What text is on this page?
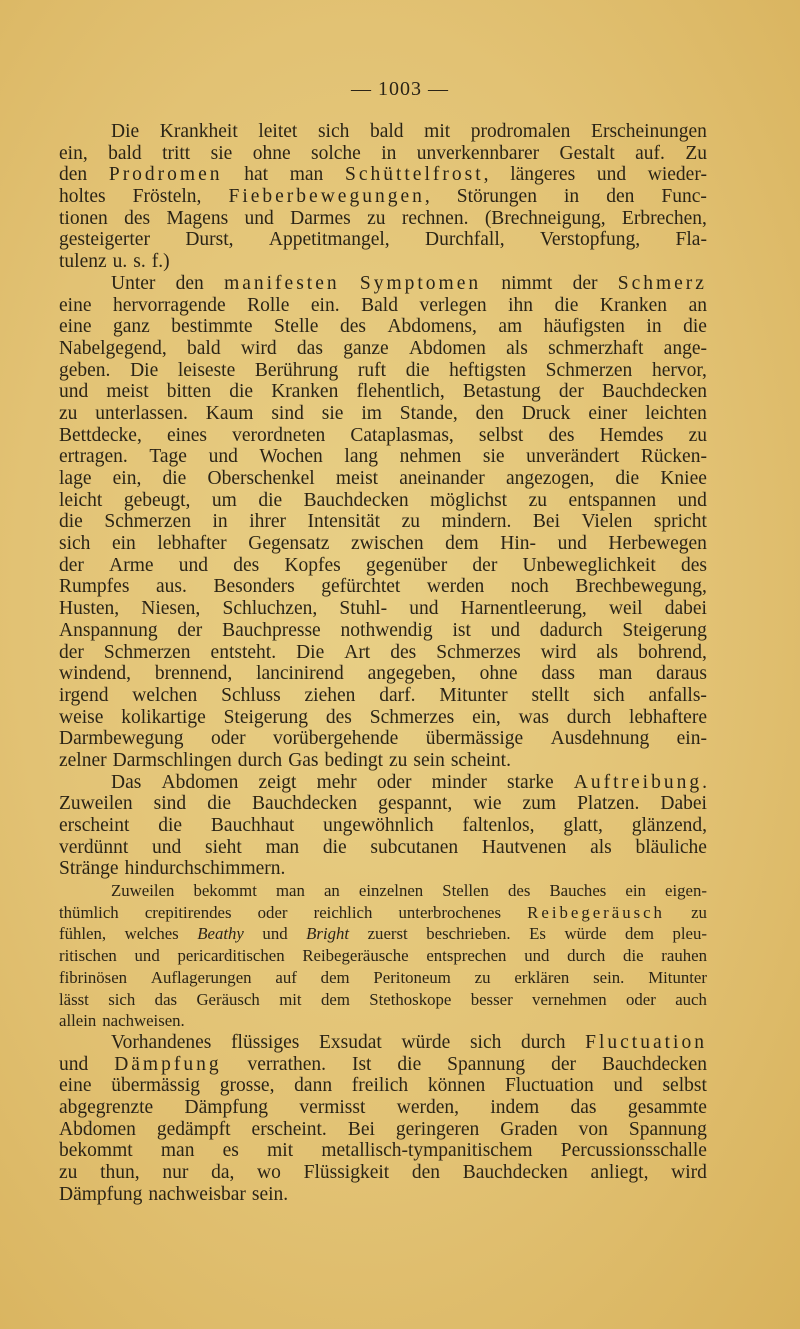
— 1003 —
Die Krankheit leitet sich bald mit prodromalen Erscheinungen
ein, bald tritt sie ohne solche in unverkennbarer Gestalt auf. Zu
den Prodromen hat man Schüttelfrost, längeres und wieder-
holtes Frösteln, Fieberbewegungen, Störungen in den Func-
tionen des Magens und Darmes zu rechnen. (Brechneigung, Erbrechen,
gesteigerter Durst, Appetitmangel, Durchfall, Verstopfung, Fla-
tulenz u. s. f.)
Unter den manifesten Symptomen nimmt der Schmerz
eine hervorragende Rolle ein. Bald verlegen ihn die Kranken an
eine ganz bestimmte Stelle des Abdomens, am häufigsten in die
Nabelgegend, bald wird das ganze Abdomen als schmerzhaft ange-
geben. Die leiseste Berührung ruft die heftigsten Schmerzen hervor,
und meist bitten die Kranken flehentlich, Betastung der Bauchdecken
zu unterlassen. Kaum sind sie im Stande, den Druck einer leichten
Bettdecke, eines verordneten Cataplasmas, selbst des Hemdes zu
ertragen. Tage und Wochen lang nehmen sie unverändert Rücken-
lage ein, die Oberschenkel meist aneinander angezogen, die Kniee
leicht gebeugt, um die Bauchdecken möglichst zu entspannen und
die Schmerzen in ihrer Intensität zu mindern. Bei Vielen spricht
sich ein lebhafter Gegensatz zwischen dem Hin- und Herbewegen
der Arme und des Kopfes gegenüber der Unbeweglichkeit des
Rumpfes aus. Besonders gefürchtet werden noch Brechbewegung,
Husten, Niesen, Schluchzen, Stuhl- und Harnentleerung, weil dabei
Anspannung der Bauchpresse nothwendig ist und dadurch Steigerung
der Schmerzen entsteht. Die Art des Schmerzes wird als bohrend,
windend, brennend, lancinirend angegeben, ohne dass man daraus
irgend welchen Schluss ziehen darf. Mitunter stellt sich anfalls-
weise kolikartige Steigerung des Schmerzes ein, was durch lebhaftere
Darmbewegung oder vorübergehende übermässige Ausdehnung ein-
zelner Darmschlingen durch Gas bedingt zu sein scheint.
Das Abdomen zeigt mehr oder minder starke Auftreibung.
Zuweilen sind die Bauchdecken gespannt, wie zum Platzen. Dabei
erscheint die Bauchhaut ungewöhnlich faltenlos, glatt, glänzend,
verdünnt und sieht man die subcutanen Hautvenen als bläuliche
Stränge hindurchschimmern.
Zuweilen bekommt man an einzelnen Stellen des Bauches ein eigen-
thümlich crepitirendes oder reichlich unterbrochenes Reibegeräusch zu
fühlen, welches Beathy und Bright zuerst beschrieben. Es würde dem pleu-
ritischen und pericarditischen Reibegeräusche entsprechen und durch die rauhen
fibrinösen Auflagerungen auf dem Peritoneum zu erklären sein. Mitunter
lässt sich das Geräusch mit dem Stethoskope besser vernehmen oder auch
allein nachweisen.
Vorhandenes flüssiges Exsudat würde sich durch Fluctuation
und Dämpfung verrathen. Ist die Spannung der Bauchdecken
eine übermässig grosse, dann freilich können Fluctuation und selbst
abgegrenzte Dämpfung vermisst werden, indem das gesammte
Abdomen gedämpft erscheint. Bei geringeren Graden von Spannung
bekommt man es mit metallisch-tympanitischem Percussionsschalle
zu thun, nur da, wo Flüssigkeit den Bauchdecken anliegt, wird
Dämpfung nachweisbar sein.
